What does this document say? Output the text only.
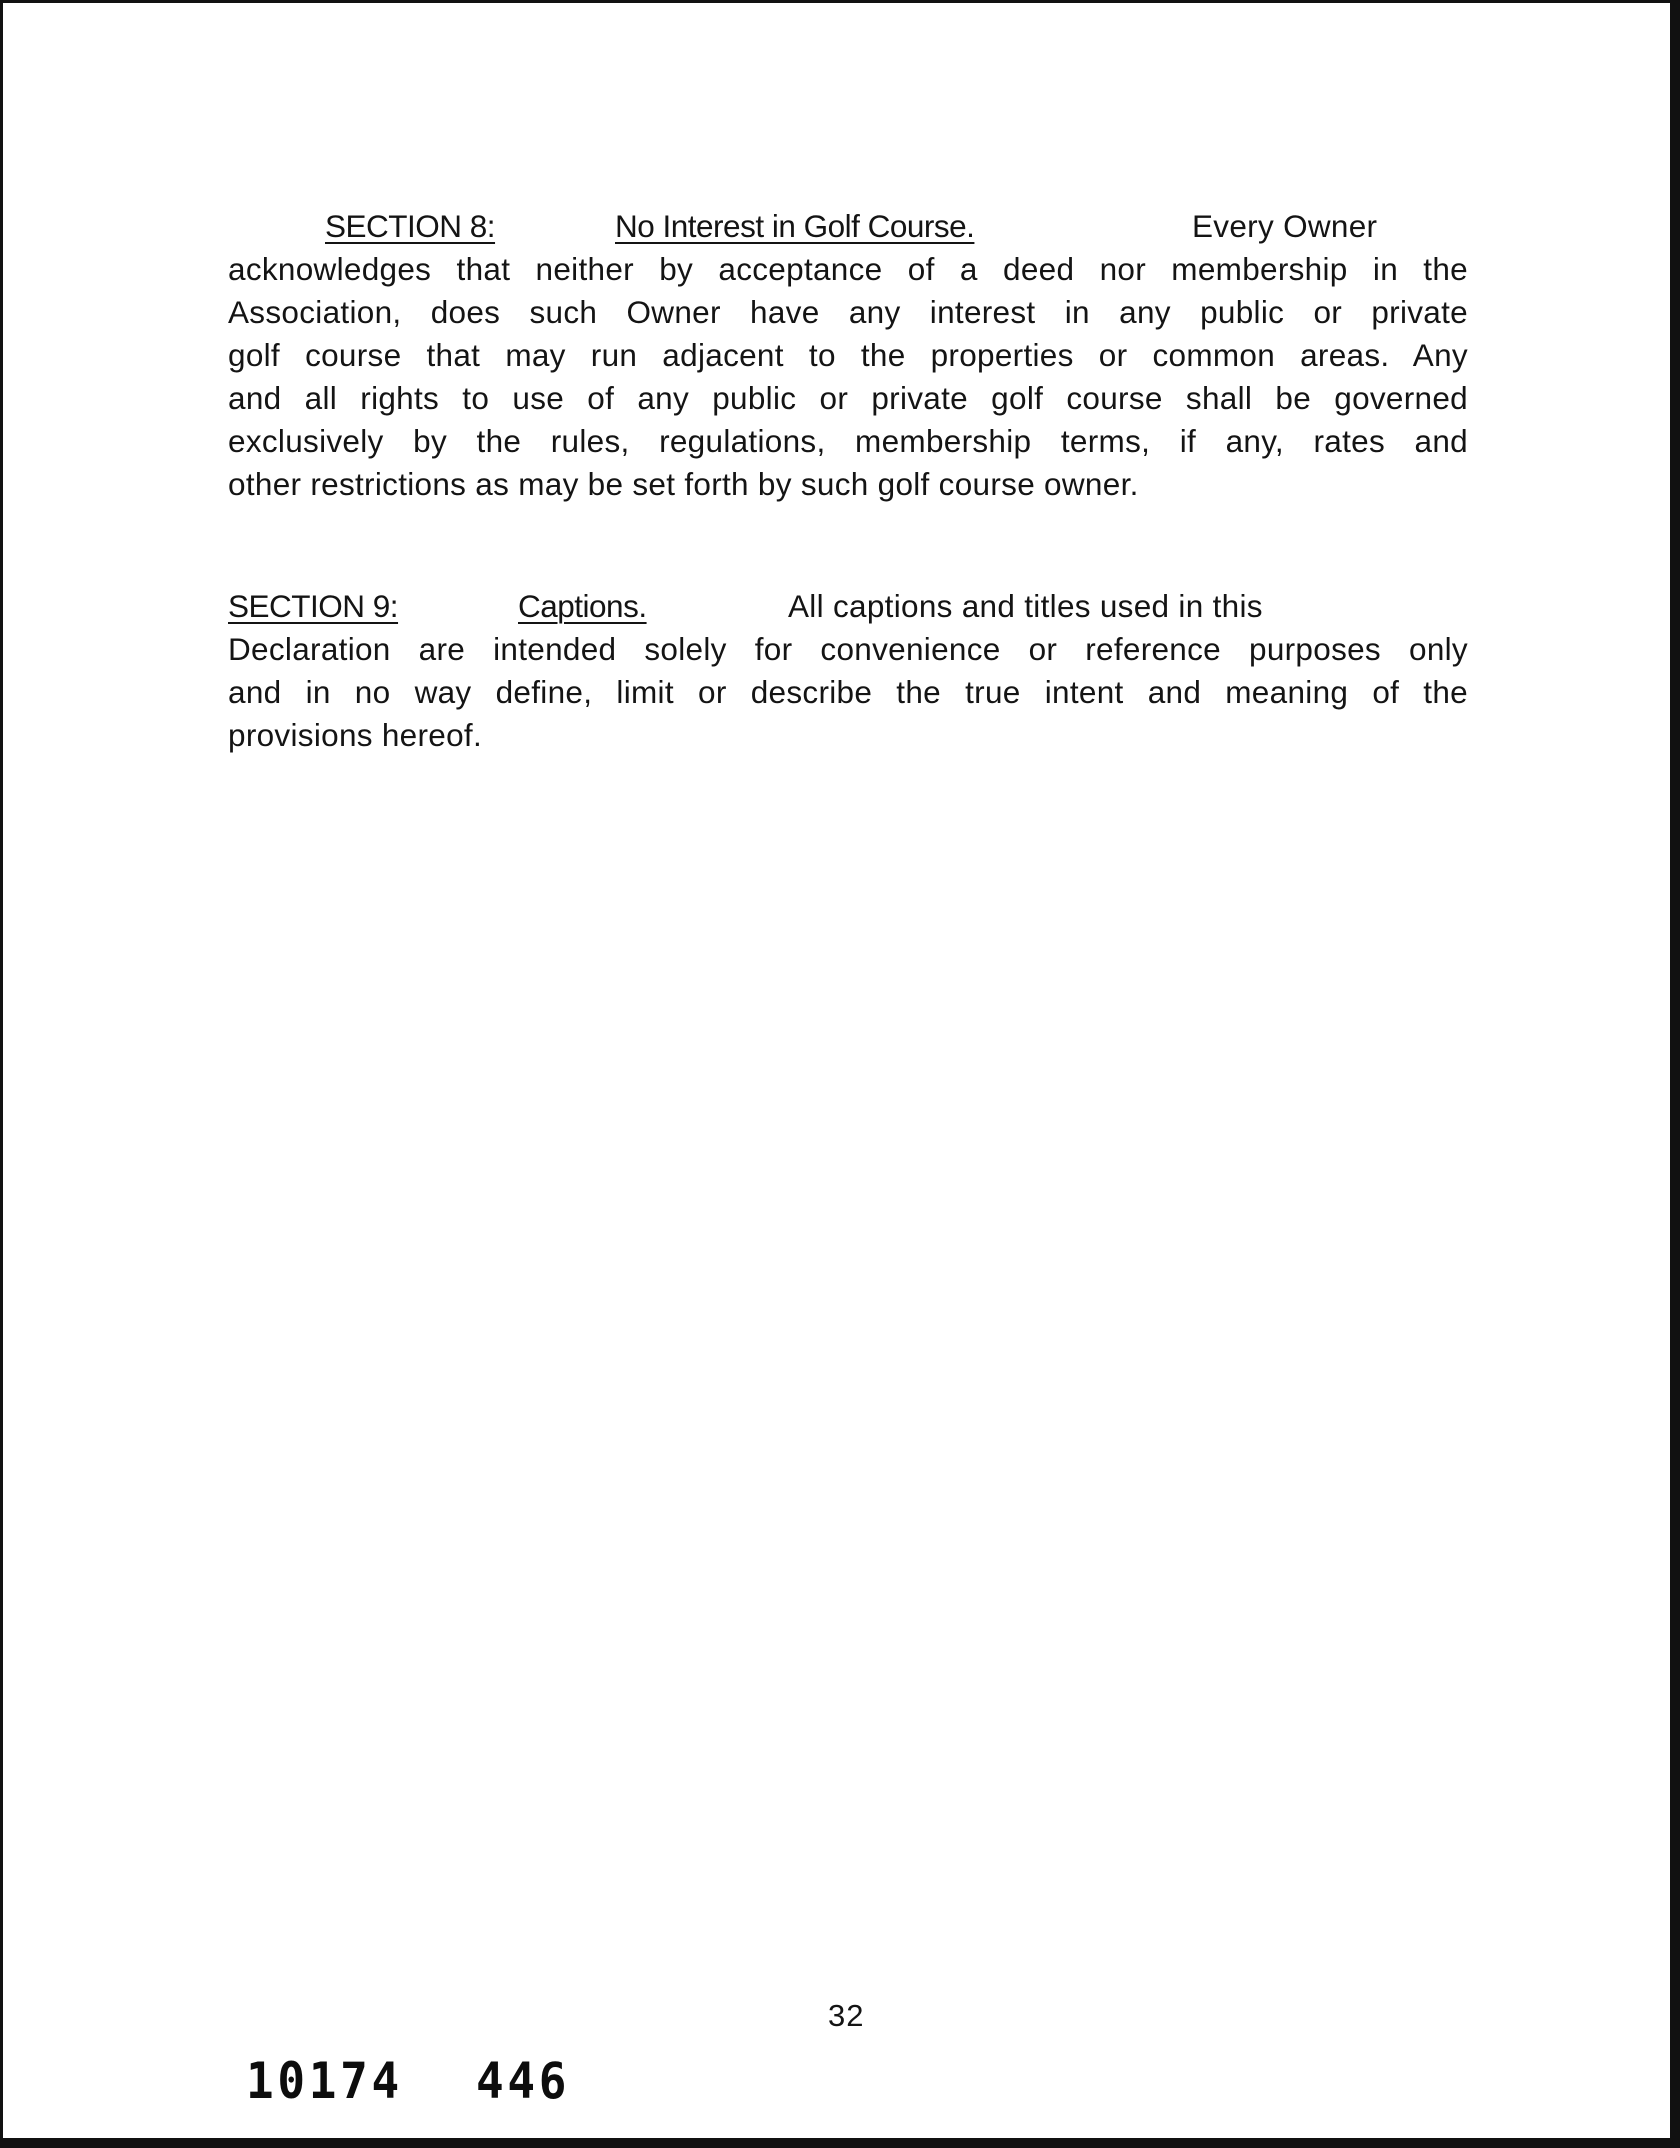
SECTION 8:	No Interest in Golf Course.	Every Owner
acknowledges that neither by acceptance of a deed nor membership in the
Association, does such Owner have any interest in any public or private
golf course that may run adjacent to the properties or common areas. Any
and all rights to use of any public or private golf course shall be governed
exclusively by the rules, regulations, membership terms, if any, rates and
other restrictions as may be set forth by such golf course owner.
SECTION 9:	Captions.	All captions and titles used in this
Declaration are intended solely for convenience or reference purposes only
and in no way define, limit or describe the true intent and meaning of the
provisions hereof.
32
10174 446
